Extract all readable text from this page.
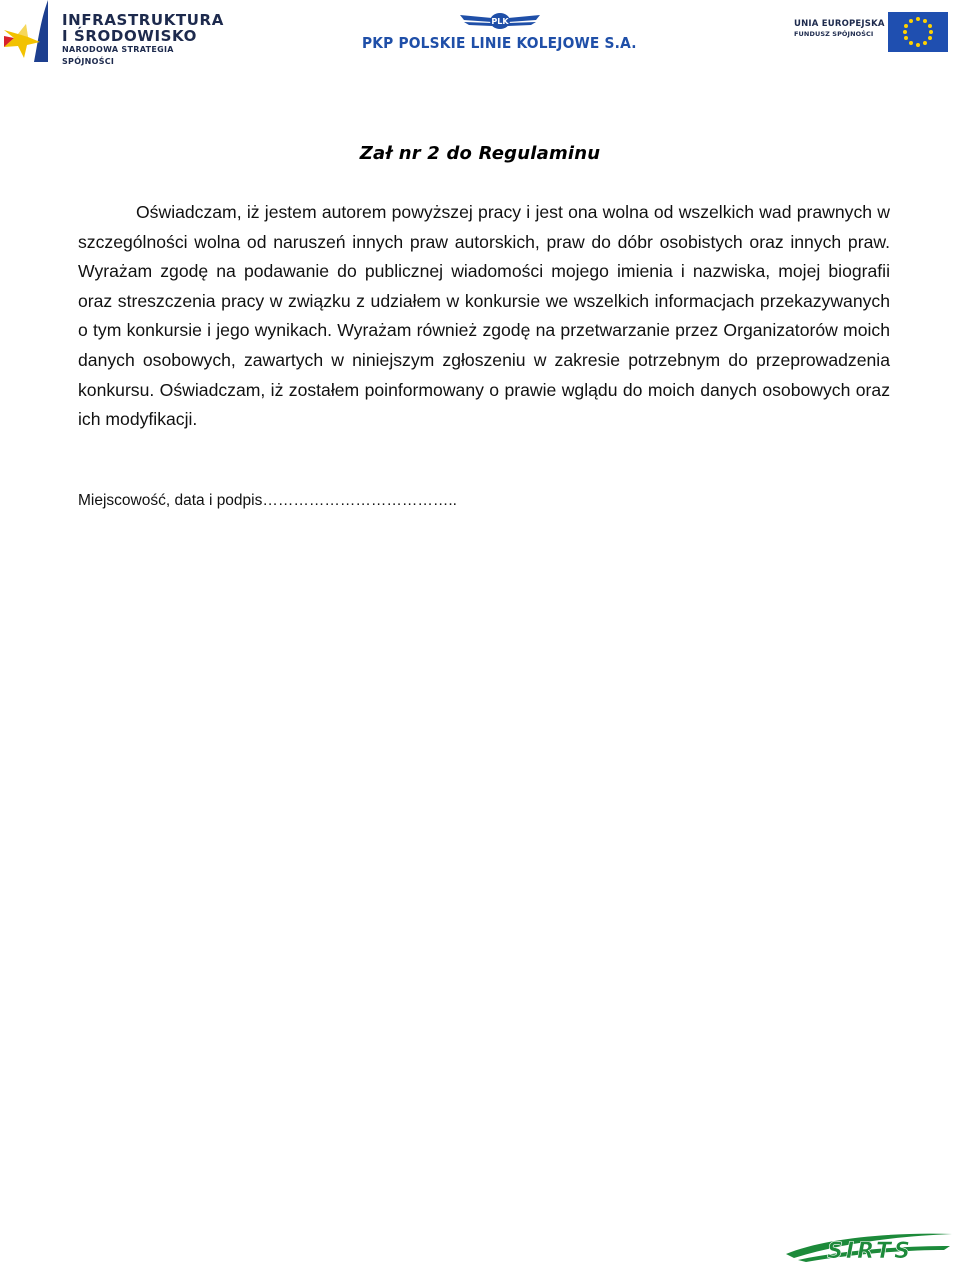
INFRASTRUKTURA
I ŚRODOWISKO
NARODOWA STRATEGIA SPÓJNOŚCI
PLK
PKP POLSKIE LINIE KOLEJOWE S.A.
UNIA EUROPEJSKA
FUNDUSZ SPÓJNOŚCI
Zał nr 2 do Regulaminu
Oświadczam, iż jestem autorem powyższej pracy i jest ona wolna od wszelkich wad prawnych w szczególności wolna od naruszeń innych praw autorskich, praw do dóbr osobistych oraz innych praw. Wyrażam zgodę na podawanie do publicznej wiadomości mojego imienia i nazwiska, mojej biografii oraz streszczenia pracy w związku z udziałem w konkursie we wszelkich informacjach przekazywanych o tym konkursie i jego wynikach. Wyrażam również zgodę na przetwarzanie przez Organizatorów moich danych osobowych, zawartych w niniejszym zgłoszeniu w zakresie potrzebnym do przeprowadzenia konkursu. Oświadczam, iż zostałem poinformowany o prawie wglądu do moich danych osobowych oraz ich modyfikacji.
Miejscowość, data i podpis………………………………..
SIRTS
